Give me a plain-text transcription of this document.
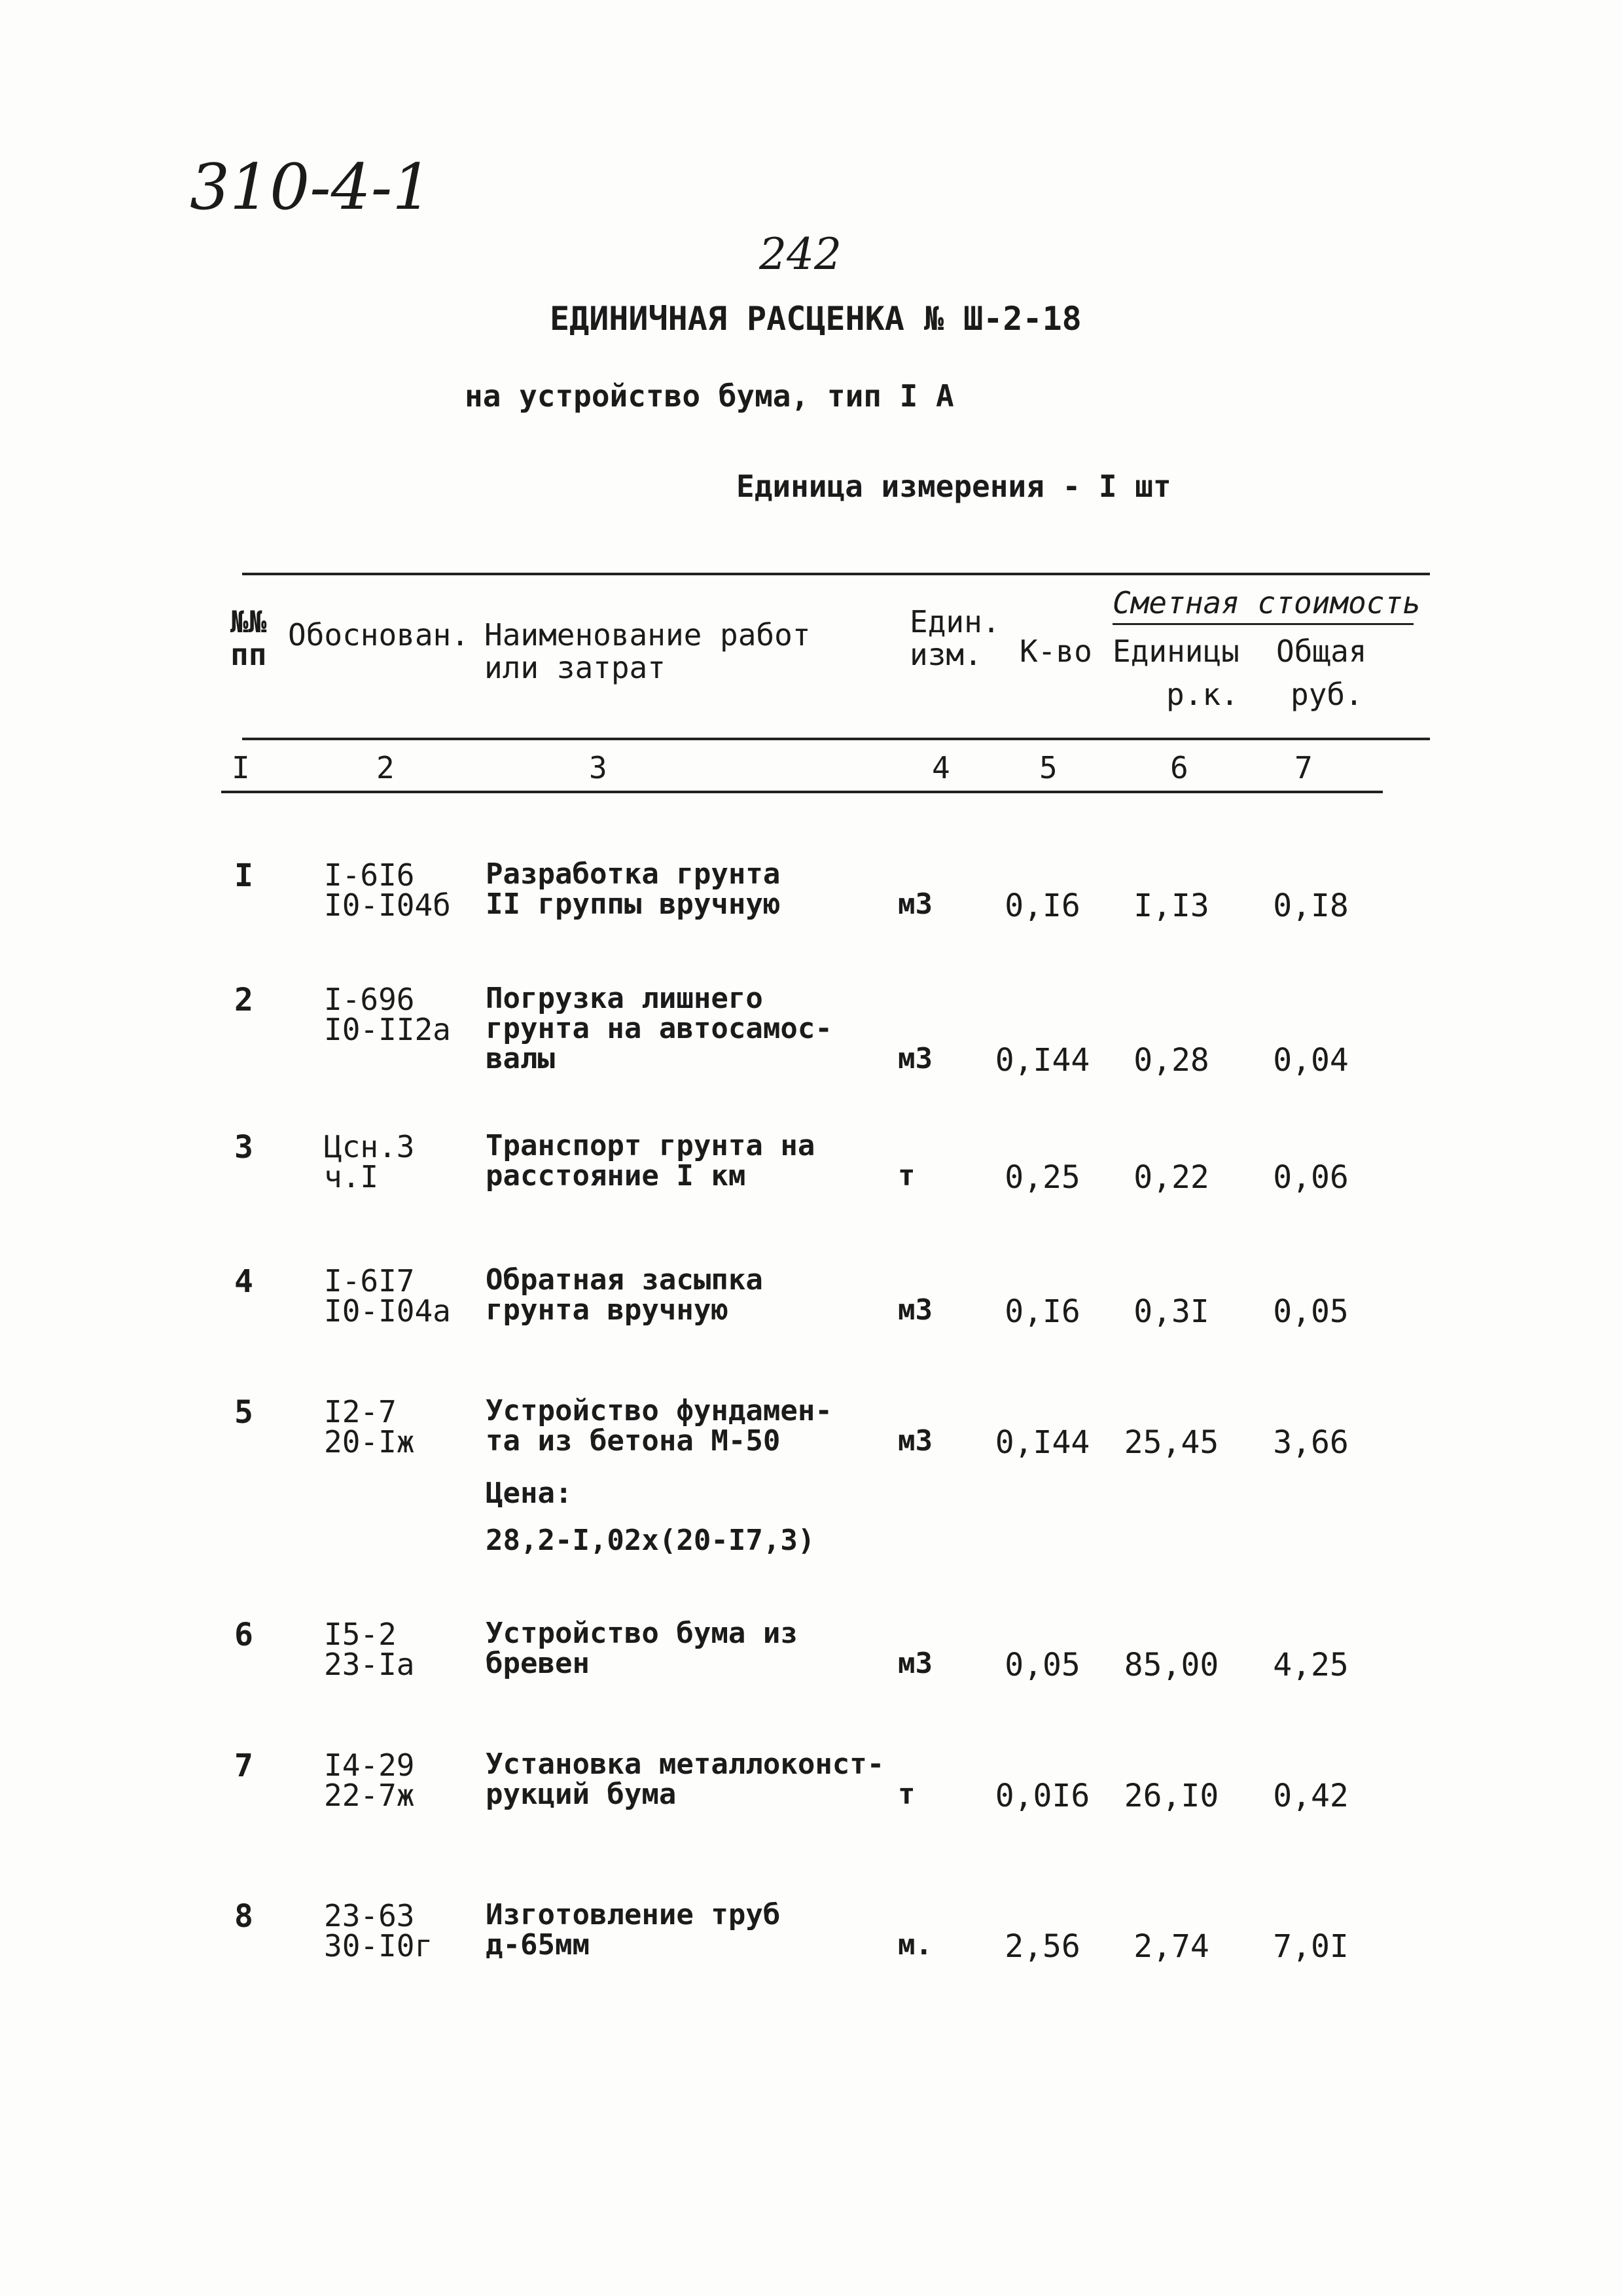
310-4-1
242
ЕДИНИЧНАЯ РАСЦЕНКА № Ш-2-18
на устройство бума, тип I А
Единица измерения - I шт
Сметная стоимость
№№ пп
Обоснован. Наименование работ или затрат
Един. изм.	К-во Единицы
р.к.
Общая
руб.
I	2	3	4	5	6	7
I I-6I6
I0-I04б
Разработка грунта
II группы вручную	м3	0,I6	I,I3	0,I8
2 I-696
I0-II2а
Погрузка лишнего
грунта на автосамос-
валы	м3	0,I44	0,28	0,04
3 Цсн.3
ч.I
Транспорт грунта на
расстояние I км	т	0,25	0,22	0,06
4 I-6I7
I0-I04а
Обратная засыпка
грунта вручную	м3	0,I6	0,3I	0,05
5 I2-7
20-Iж
Устройство фундамен-
та из бетона М-50	м3	0,I44	25,45	3,66
Цена:
28,2-I,02х(20-I7,3)
6 I5-2
23-Iа
Устройство бума из
бревен	м3	0,05	85,00	4,25
7 I4-29
22-7ж
Установка металлоконст-
рукций бума	т	0,0I6	26,I0	0,42
8 23-63
30-I0г
Изготовление труб
д-65мм	м.	2,56	2,74	7,0I
